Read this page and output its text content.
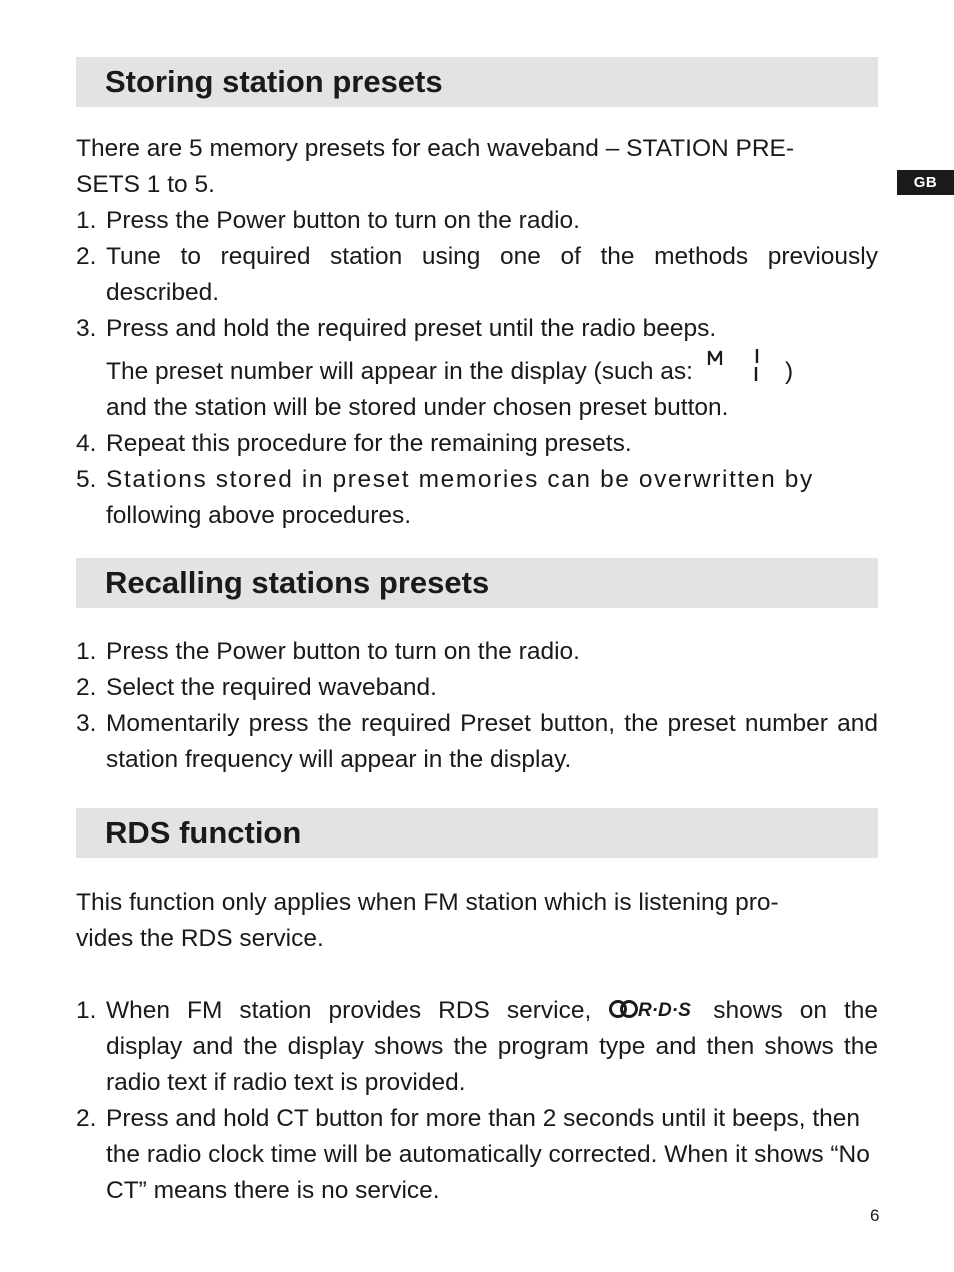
GB
Storing station presets

There are 5 memory presets for each waveband – STATION PRE-
SETS 1 to 5.

1. Press the Power button to turn on the radio.
2. Tune to required station using one of the methods previously described.
3. Press and hold the required preset until the radio beeps.
The preset number will appear in the display (such as:	)
and the station will be stored under chosen preset button.
4. Repeat this procedure for the remaining presets.
5. Stations stored in preset memories can be overwritten by
following above procedures.
Recalling stations presets
1. Press the Power button to turn on the radio.
2. Select the required waveband.
3. Momentarily press the required Preset button, the preset number and station frequency will appear in the display.
RDS function

This function only applies when FM station which is listening pro-
vides the RDS service.

1. When FM station provides RDS service, R·D·S shows on the display and the display shows the program type and then shows the radio text if radio text is provided.
2. Press and hold CT button for more than 2 seconds until it beeps, then the radio clock time will be automatically corrected. When it shows “No CT” means there is no service.
6
